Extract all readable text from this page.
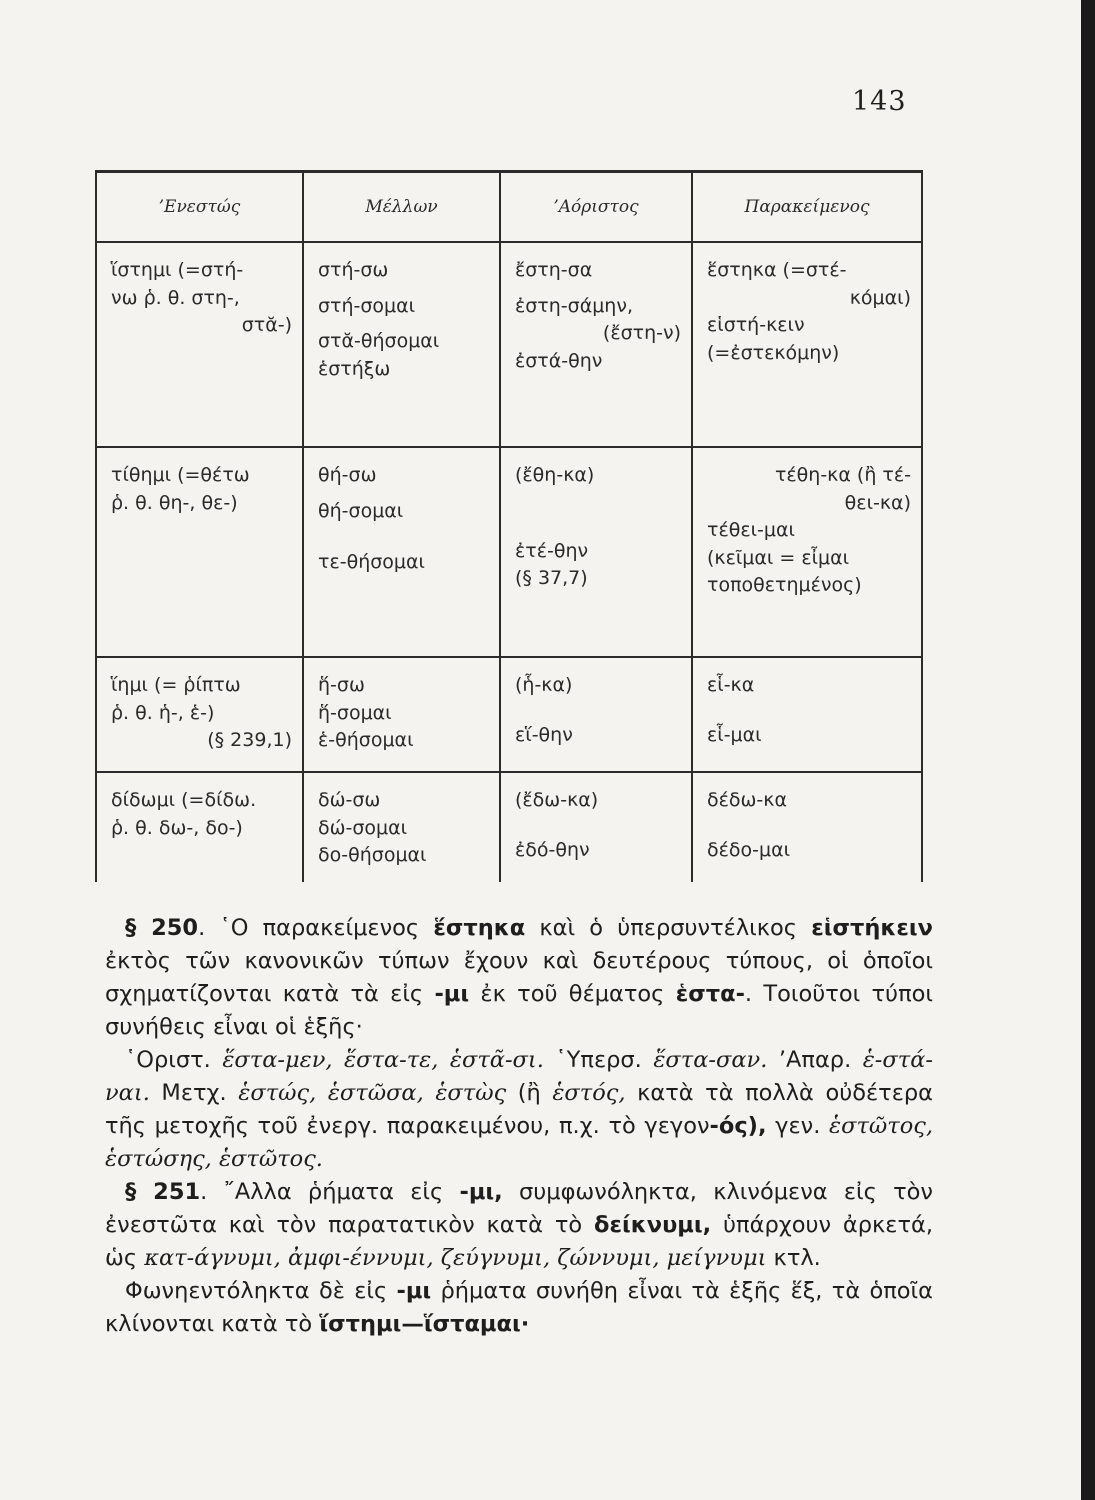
143
’Ενεστώς	Μέλλων	’Αόριστος	Παρακείμενος

ἵστημι (=στή-
νω ῥ. θ. στη-,
στᾰ-)	στή-σω
στή-σομαι
στᾰ-θήσομαι
ἑστήξω	ἔστη-σα
ἐστη-σάμην,
(ἔστη-ν)
ἐστά-θην	ἕστηκα (=στέ-
κόμαι)
εἱστή-κειν
(=ἐστεκόμην)

τίθημι (=θέτω
ῥ. θ. θη-, θε-)	θή-σω
θή-σομαι
τε-θήσομαι	(ἔθη-κα)
ἐτέ-θην
(§ 37,7)	τέθη-κα (ἢ τέ-
θει-κα)
τέθει-μαι
(κεῖμαι = εἶμαι
τοποθετημένος)

ἵημι (= ῥίπτω
ῥ. θ. ἡ-, ἑ-)
(§ 239,1)	ἥ-σω
ἥ-σομαι
ἑ-θήσομαι	(ἧ-κα)
εἵ-θην	εἷ-κα
εἷ-μαι

δίδωμι (=δίδω.
ῥ. θ. δω-, δο-)	δώ-σω
δώ-σομαι
δο-θήσομαι	(ἔδω-κα)
ἐδό-θην	δέδω-κα
δέδο-μαι

§ 250. ῾Ο παρακείμενος ἕστηκα καὶ ὁ ὑπερσυντέλικος εἱστήκειν ἐκτὸς τῶν κανονικῶν τύπων ἔχουν καὶ δευτέρους τύπους, οἱ ὁποῖοι σχηματίζονται κατὰ τὰ εἰς -μι ἐκ τοῦ θέματος ἑστα-. Τοιοῦτοι τύποι συνήθεις εἶναι οἱ ἑξῆς·

῾Οριστ. ἕστα-μεν, ἕστα-τε, ἑστᾶ-σι. ῾Υπερσ. ἕστα-σαν. ’Απαρ. ἑ-στά-ναι. Μετχ. ἑστώς, ἑστῶσα, ἑστὼς (ἢ ἑστός, κατὰ τὰ πολλὰ οὐδέτερα τῆς μετοχῆς τοῦ ἐνεργ. παρακειμένου, π.χ. τὸ γεγον-ός), γεν. ἑστῶτος, ἑστώσης, ἑστῶτος.

§ 251. ῎Αλλα ῥήματα εἰς -μι, συμφωνόληκτα, κλινόμενα εἰς τὸν ἐνεστῶτα καὶ τὸν παρατατικὸν κατὰ τὸ δείκνυμι, ὑπάρχουν ἀρκετά, ὡς κατ-άγνυμι, ἀμφι-έννυμι, ζεύγνυμι, ζώννυμι, μείγνυμι κτλ.

Φωνηεντόληκτα δὲ εἰς -μι ῥήματα συνήθη εἶναι τὰ ἑξῆς ἕξ, τὰ ὁποῖα κλίνονται κατὰ τὸ ἵστημι—ἵσταμαι·
